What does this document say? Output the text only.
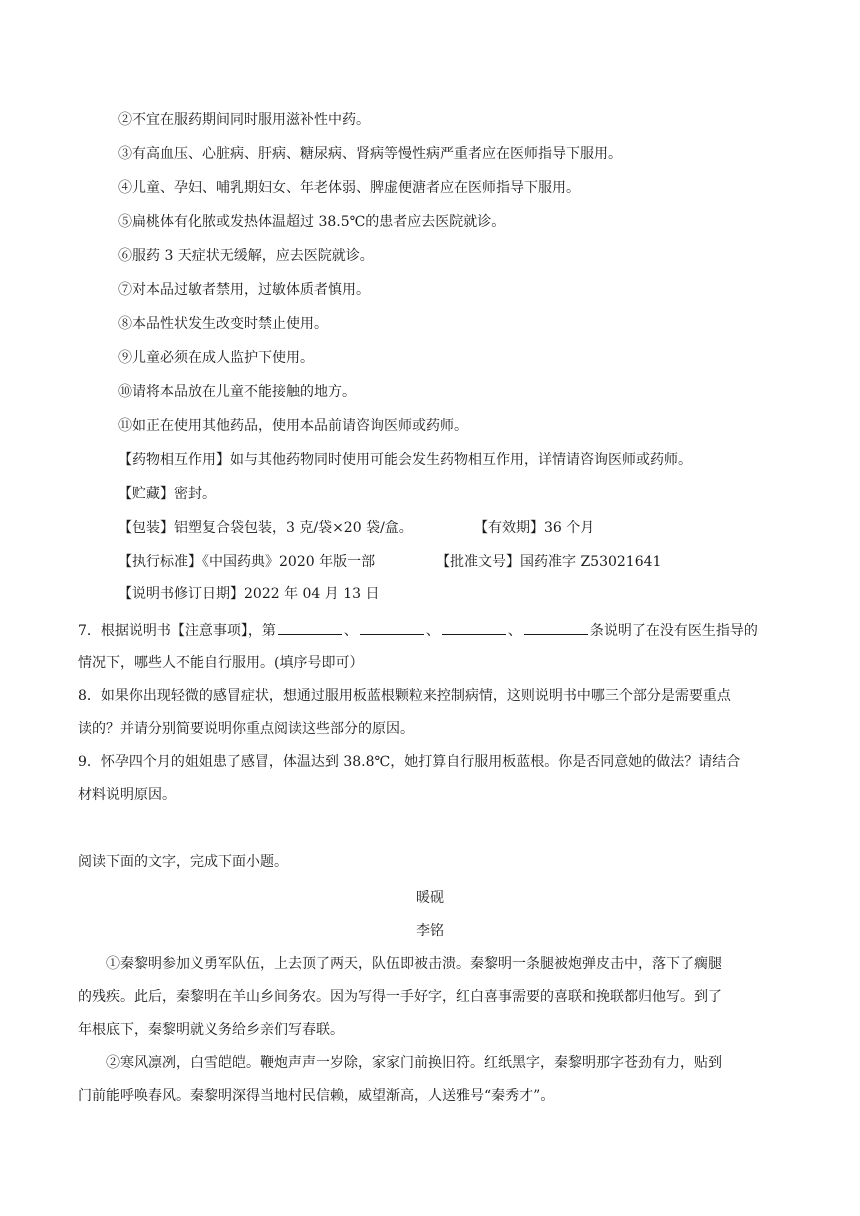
②不宜在服药期间同时服用滋补性中药。
③有高血压、心脏病、肝病、糖尿病、肾病等慢性病严重者应在医师指导下服用。
④儿童、孕妇、哺乳期妇女、年老体弱、脾虚便溏者应在医师指导下服用。
⑤扁桃体有化脓或发热体温超过 38.5℃的患者应去医院就诊。
⑥服药 3 天症状无缓解，应去医院就诊。
⑦对本品过敏者禁用，过敏体质者慎用。
⑧本品性状发生改变时禁止使用。
⑨儿童必须在成人监护下使用。
⑩请将本品放在儿童不能接触的地方。
⑪如正在使用其他药品，使用本品前请咨询医师或药师。
【药物相互作用】如与其他药物同时使用可能会发生药物相互作用，详情请咨询医师或药师。
【贮藏】密封。
【包装】铝塑复合袋包装，3 克/袋×20 袋/盒。	【有效期】36 个月
【执行标准】《中国药典》2020 年版一部	【批准文号】国药准字 Z53021641
【说明书修订日期】2022 年 04 月 13 日
7．根据说明书【注意事项】，第	、	、	、	条说明了在没有医生指导的
情况下，哪些人不能自行服用。(填序号即可）
8．如果你出现轻微的感冒症状，想通过服用板蓝根颗粒来控制病情，这则说明书中哪三个部分是需要重点
读的？并请分别简要说明你重点阅读这些部分的原因。
9．怀孕四个月的姐姐患了感冒，体温达到 38.8℃，她打算自行服用板蓝根。你是否同意她的做法？请结合
材料说明原因。
阅读下面的文字，完成下面小题。
暖砚
李铭
①秦黎明参加义勇军队伍，上去顶了两天，队伍即被击溃。秦黎明一条腿被炮弹皮击中，落下了瘸腿
的残疾。此后，秦黎明在羊山乡间务农。因为写得一手好字，红白喜事需要的喜联和挽联都归他写。到了
年根底下，秦黎明就义务给乡亲们写春联。
②寒风凛冽，白雪皑皑。鞭炮声声一岁除，家家门前换旧符。红纸黑字，秦黎明那字苍劲有力，贴到
门前能呼唤春风。秦黎明深得当地村民信赖，威望渐高，人送雅号“秦秀才”。
